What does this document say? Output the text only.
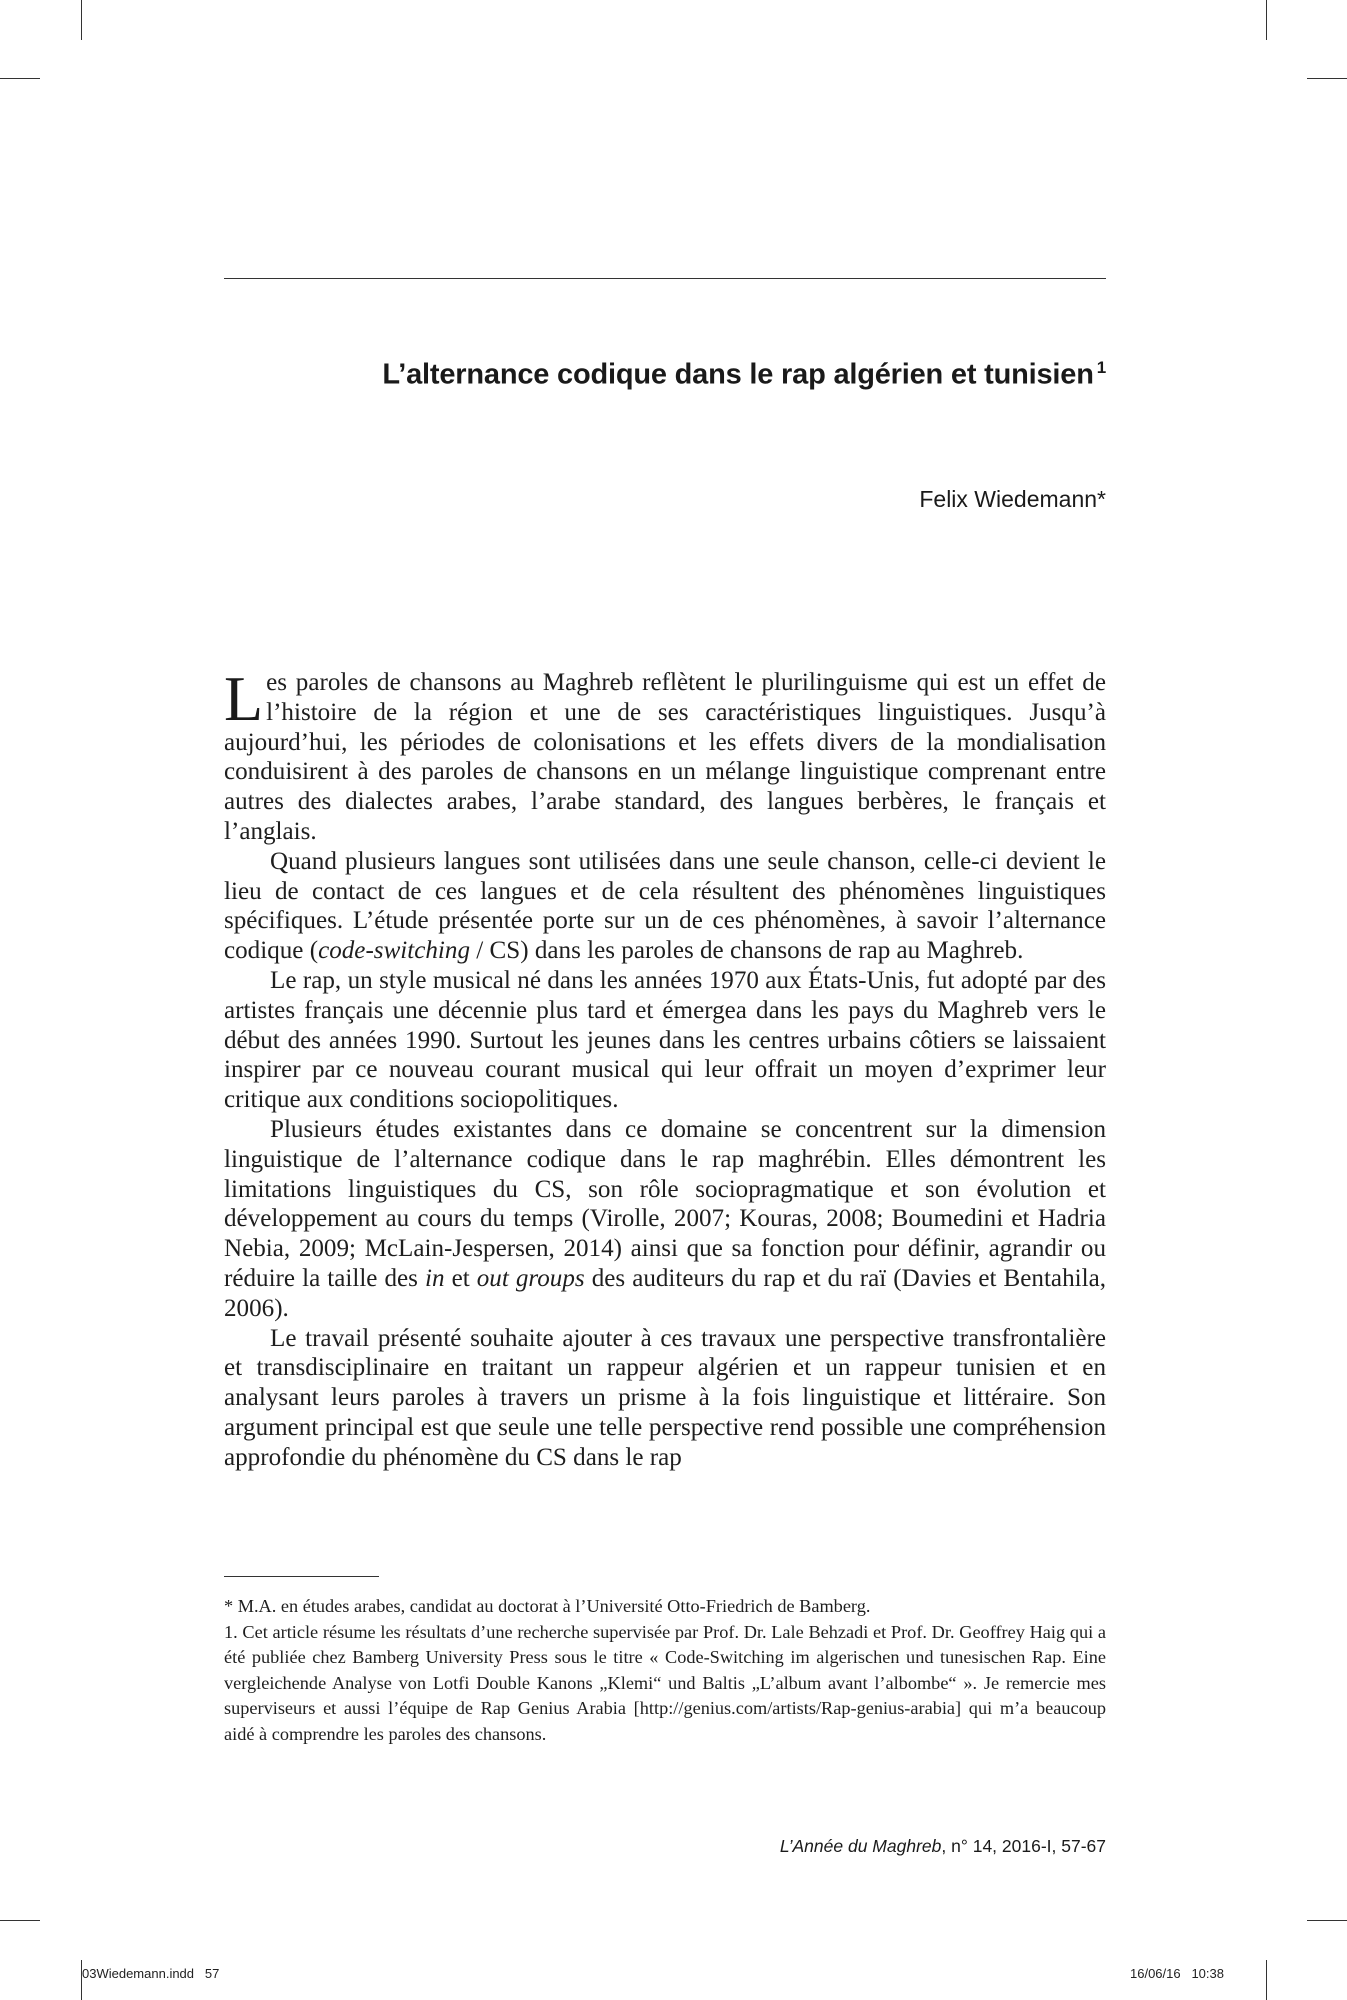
L’alternance codique dans le rap algérien et tunisien $^1$
Felix Wiedemann*

Les paroles de chansons au Maghreb reflètent le plurilinguisme qui est un effet de l’histoire de la région et une de ses caractéristiques linguistiques. Jusqu’à aujourd’hui, les périodes de colonisations et les effets divers de la mondialisation conduisirent à des paroles de chansons en un mélange linguistique comprenant entre autres des dialectes arabes, l’arabe standard, des langues berbères, le français et l’anglais.

Quand plusieurs langues sont utilisées dans une seule chanson, celle-ci devient le lieu de contact de ces langues et de cela résultent des phénomènes linguistiques spécifiques. L’étude présentée porte sur un de ces phénomènes, à savoir l’alternance codique (code-switching / CS) dans les paroles de chansons de rap au Maghreb.

Le rap, un style musical né dans les années 1970 aux États-Unis, fut adopté par des artistes français une décennie plus tard et émergea dans les pays du Maghreb vers le début des années 1990. Surtout les jeunes dans les centres urbains côtiers se laissaient inspirer par ce nouveau courant musical qui leur offrait un moyen d’exprimer leur critique aux conditions sociopolitiques.

Plusieurs études existantes dans ce domaine se concentrent sur la dimension linguistique de l’alternance codique dans le rap maghrébin. Elles démontrent les limitations linguistiques du CS, son rôle sociopragmatique et son évolution et développement au cours du temps (Virolle, 2007; Kouras, 2008; Boumedini et Hadria Nebia, 2009; McLain-Jespersen, 2014) ainsi que sa fonction pour définir, agrandir ou réduire la taille des in et out groups des auditeurs du rap et du raï (Davies et Bentahila, 2006).

Le travail présenté souhaite ajouter à ces travaux une perspective transfrontalière et transdisciplinaire en traitant un rappeur algérien et un rappeur tunisien et en analysant leurs paroles à travers un prisme à la fois linguistique et littéraire. Son argument principal est que seule une telle perspective rend possible une compréhension approfondie du phénomène du CS dans le rap

* M.A. en études arabes, candidat au doctorat à l’Université Otto-Friedrich de Bamberg.

1. Cet article résume les résultats d’une recherche supervisée par Prof. Dr. Lale Behzadi et Prof. Dr. Geoffrey Haig qui a été publiée chez Bamberg University Press sous le titre « Code-Switching im algerischen und tunesischen Rap. Eine vergleichende Analyse von Lotfi Double Kanons „Klemi“ und Baltis „L’album avant l’albombe“ ». Je remercie mes superviseurs et aussi l’équipe de Rap Genius Arabia [http://genius.com/artists/Rap-genius-arabia] qui m’a beaucoup aidé à comprendre les paroles des chansons.

L’Année du Maghreb, n° 14, 2016-I, 57-67
03Wiedemann.indd   57	16/06/16   10:38
